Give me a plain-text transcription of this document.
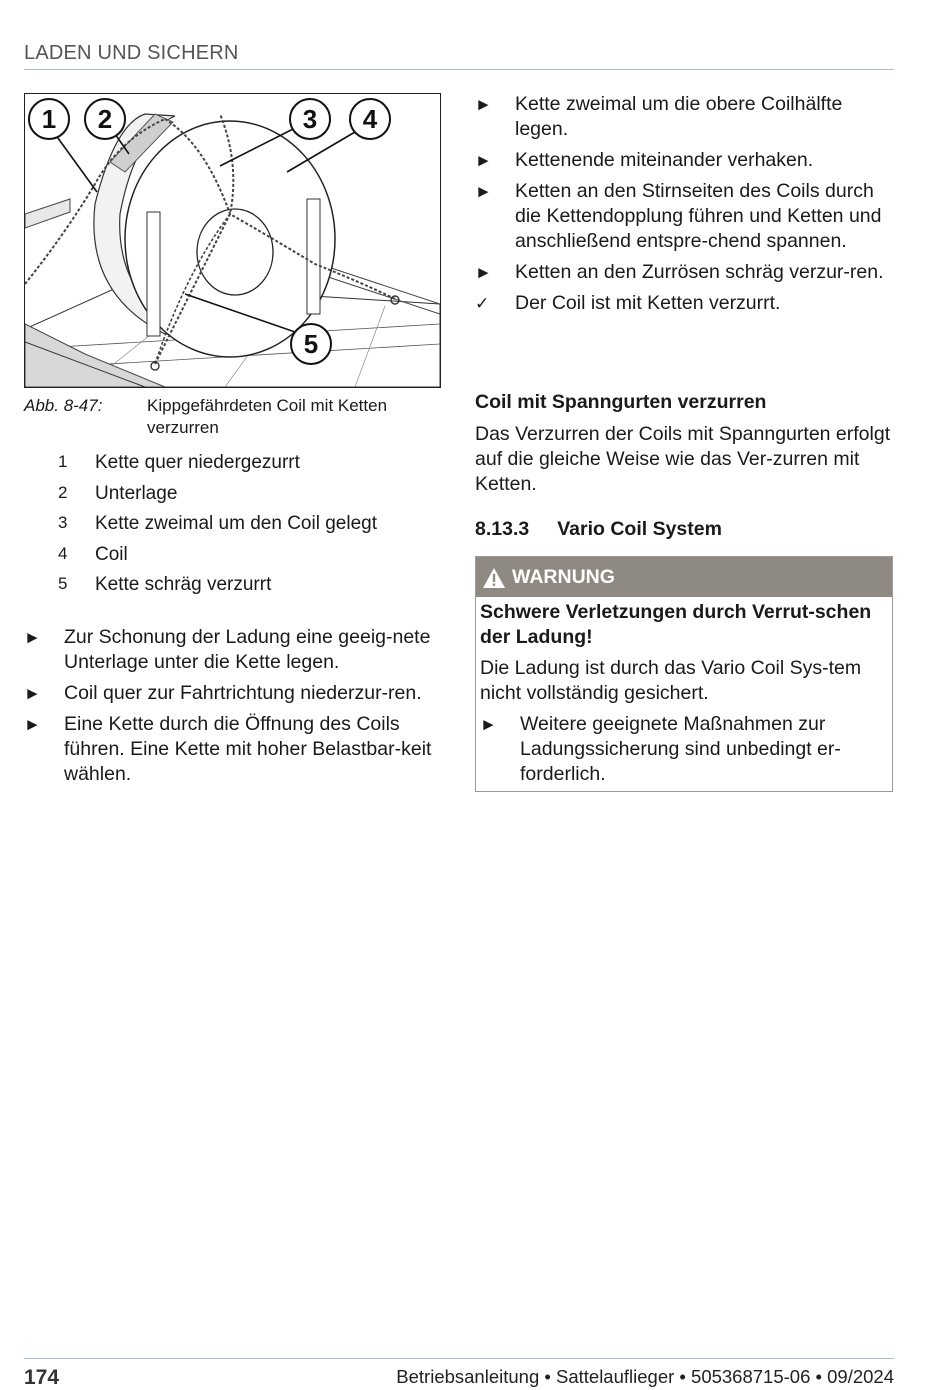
LADEN UND SICHERN
1 2	3 4
5
Abb. 8-47:	Kippgefährdeten Coil mit Ketten verzurren
1 Kette quer niedergezurrt
2 Unterlage
3 Kette zweimal um den Coil gelegt
4 Coil
5 Kette schräg verzurrt
► Zur Schonung der Ladung eine geeig-nete Unterlage unter die Kette legen.
► Coil quer zur Fahrtrichtung niederzur-ren.
► Eine Kette durch die Öffnung des Coils führen. Eine Kette mit hoher Belastbar-keit wählen.
► Kette zweimal um die obere Coilhälfte legen.
► Kettenende miteinander verhaken.
► Ketten an den Stirnseiten des Coils durch die Kettendopplung führen und Ketten und anschließend entspre-chend spannen.
► Ketten an den Zurrösen schräg verzur-ren.
✓ Der Coil ist mit Ketten verzurrt.
Coil mit Spanngurten verzurren
Das Verzurren der Coils mit Spanngurten erfolgt auf die gleiche Weise wie das Ver-zurren mit Ketten.
8.13.3 Vario Coil System
WARNUNG
Schwere Verletzungen durch Verrut-schen der Ladung!
Die Ladung ist durch das Vario Coil Sys-tem nicht vollständig gesichert.
► Weitere geeignete Maßnahmen zur Ladungssicherung sind unbedingt er-forderlich.
174	Betriebsanleitung • Sattelauflieger • 505368715-06 • 09/2024
